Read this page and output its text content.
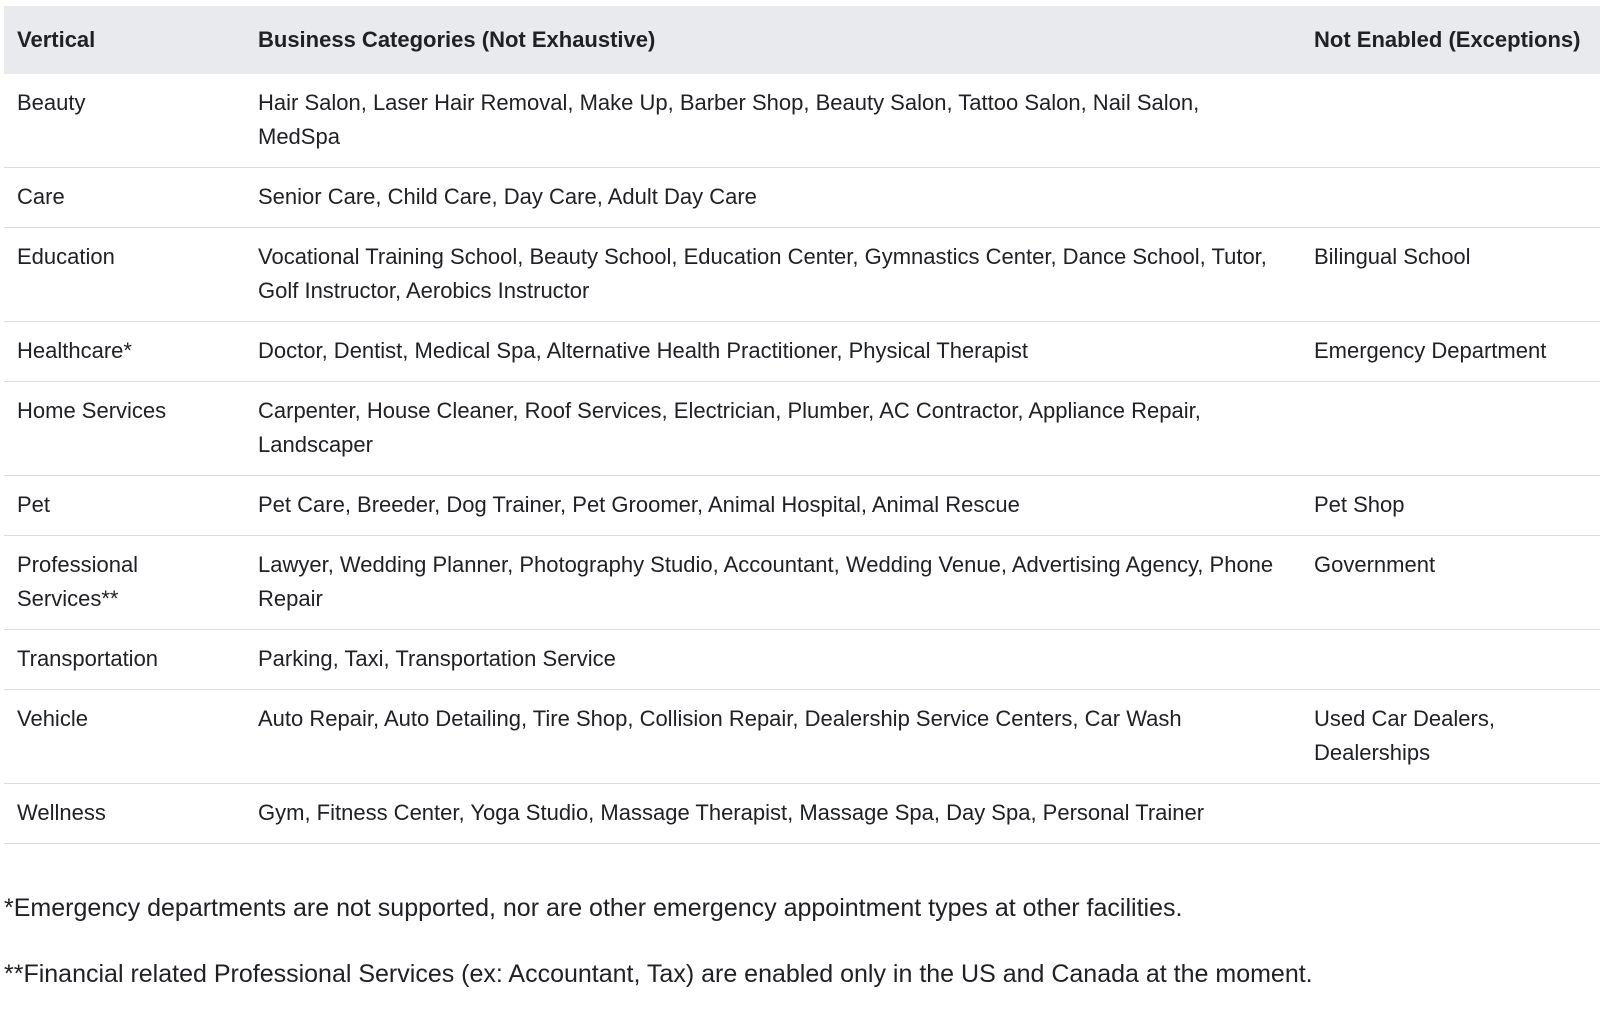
Vertical	Business Categories (Not Exhaustive)	Not Enabled (Exceptions)
Beauty	Hair Salon, Laser Hair Removal, Make Up, Barber Shop, Beauty Salon, Tattoo Salon, Nail Salon, MedSpa	
Care	Senior Care, Child Care, Day Care, Adult Day Care	
Education	Vocational Training School, Beauty School, Education Center, Gymnastics Center, Dance School, Tutor, Golf Instructor, Aerobics Instructor	Bilingual School
Healthcare*	Doctor, Dentist, Medical Spa, Alternative Health Practitioner, Physical Therapist	Emergency Department
Home Services	Carpenter, House Cleaner, Roof Services, Electrician, Plumber, AC Contractor, Appliance Repair, Landscaper	
Pet	Pet Care, Breeder, Dog Trainer, Pet Groomer, Animal Hospital, Animal Rescue	Pet Shop
Professional Services**	Lawyer, Wedding Planner, Photography Studio, Accountant, Wedding Venue, Advertising Agency, Phone Repair	Government
Transportation	Parking, Taxi, Transportation Service	
Vehicle	Auto Repair, Auto Detailing, Tire Shop, Collision Repair, Dealership Service Centers, Car Wash	Used Car Dealers, Dealerships
Wellness	Gym, Fitness Center, Yoga Studio, Massage Therapist, Massage Spa, Day Spa, Personal Trainer	

*Emergency departments are not supported, nor are other emergency appointment types at other facilities.

**Financial related Professional Services (ex: Accountant, Tax) are enabled only in the US and Canada at the moment.
